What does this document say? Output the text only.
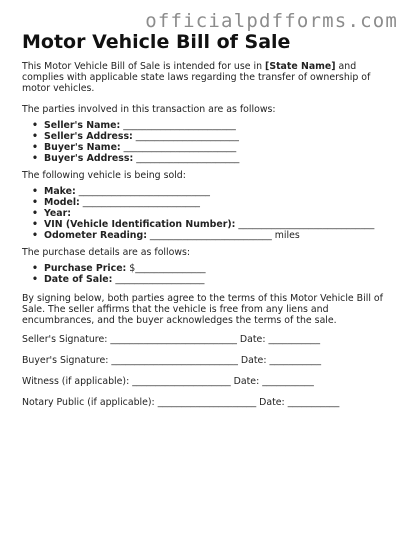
officialpdfforms.com
Motor Vehicle Bill of Sale

This Motor Vehicle Bill of Sale is intended for use in [State Name] and complies with applicable state laws regarding the transfer of ownership of motor vehicles.

The parties involved in this transaction are as follows:

• Seller's Name: ________________________
• Seller's Address: ______________________
• Buyer's Name: ________________________
• Buyer's Address: ______________________

The following vehicle is being sold:

• Make: ____________________________
• Model: _________________________
• Year:
• VIN (Vehicle Identification Number): _____________________________
• Odometer Reading: __________________________ miles

The purchase details are as follows:

• Purchase Price: $_______________
• Date of Sale: ___________________

By signing below, both parties agree to the terms of this Motor Vehicle Bill of Sale. The seller affirms that the vehicle is free from any liens and encumbrances, and the buyer acknowledges the terms of the sale.

Seller's Signature: ___________________________ Date: ___________

Buyer's Signature: ___________________________ Date: ___________

Witness (if applicable): _____________________ Date: ___________

Notary Public (if applicable): _____________________ Date: ___________
